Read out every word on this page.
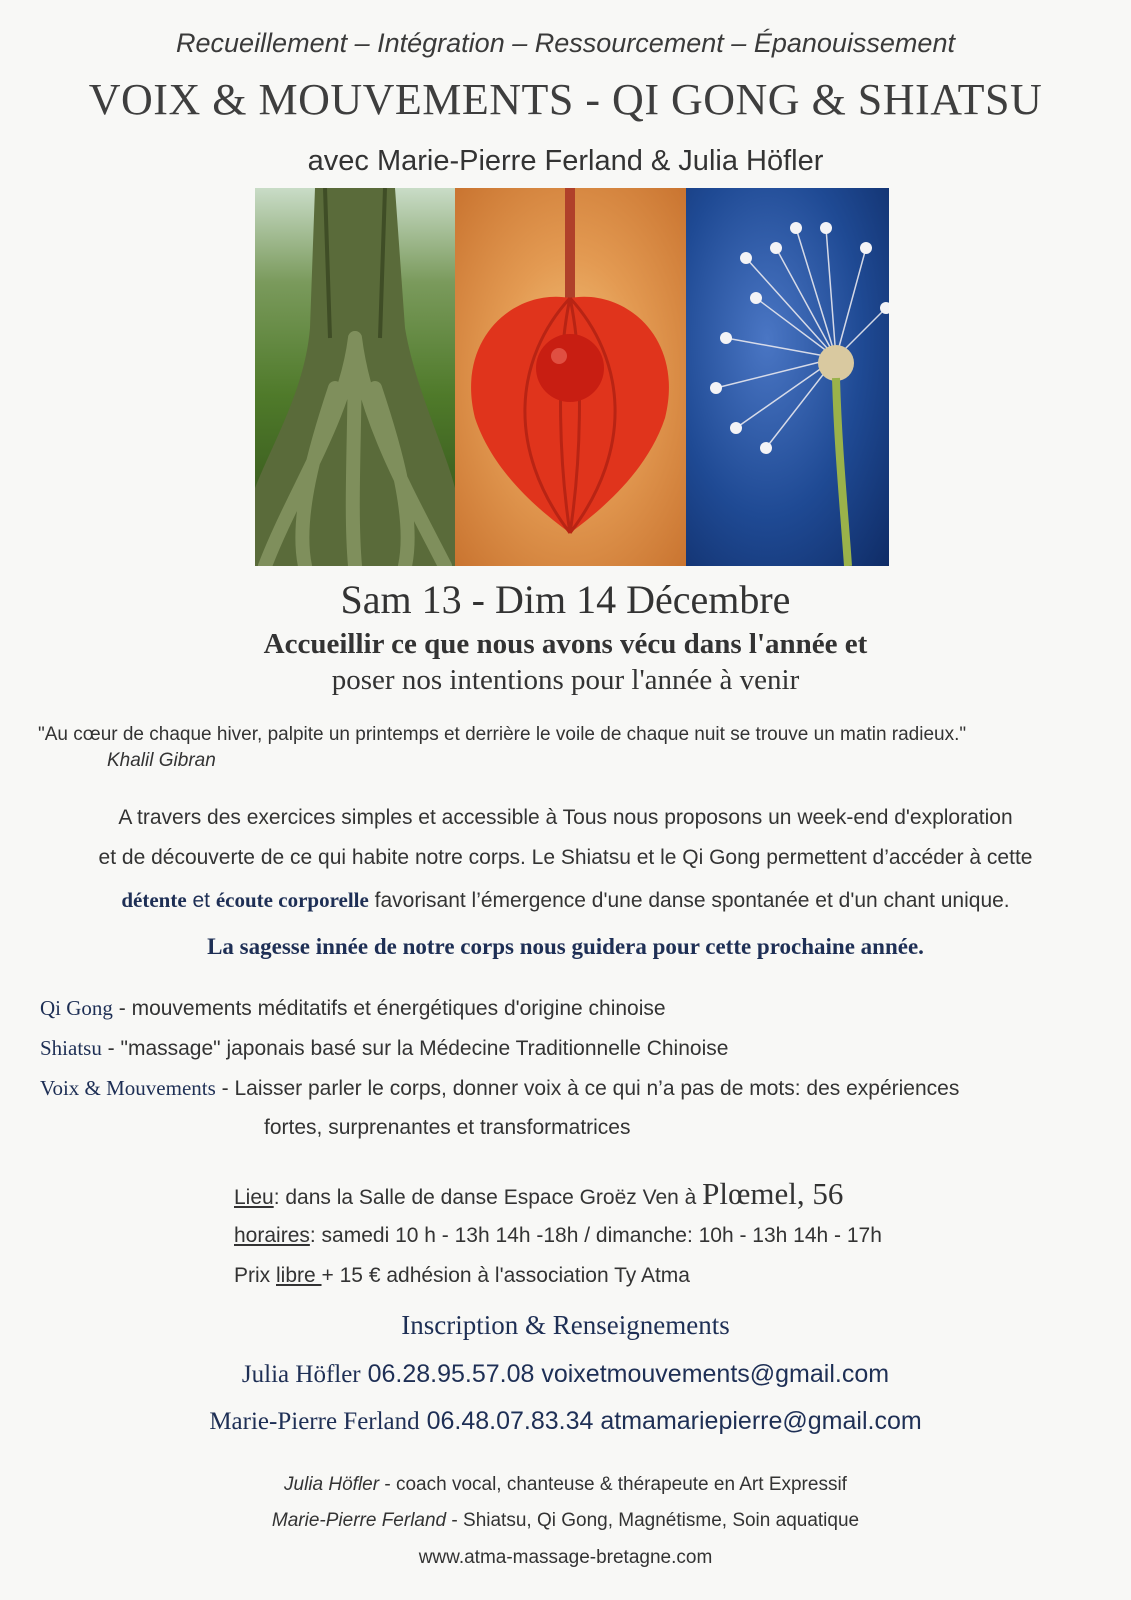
Recueillement – Intégration – Ressourcement – Épanouissement
VOIX & MOUVEMENTS - QI GONG & SHIATSU
avec Marie-Pierre Ferland & Julia Höfler
Sam 13 - Dim 14 Décembre
Accueillir ce que nous avons vécu dans l'année et
poser nos intentions pour l'année à venir
"Au cœur de chaque hiver, palpite un printemps et derrière le voile de chaque nuit se trouve un matin radieux."
Khalil Gibran
A travers des exercices simples et accessible à Tous nous proposons un week-end d'exploration
et de découverte de ce qui habite notre corps. Le Shiatsu et le Qi Gong permettent d’accéder à cette
détente et écoute corporelle favorisant l’émergence d'une danse spontanée et d'un chant unique.
La sagesse innée de notre corps nous guidera pour cette prochaine année.
Qi Gong - mouvements méditatifs et énergétiques d'origine chinoise
Shiatsu - "massage" japonais basé sur la Médecine Traditionnelle Chinoise
Voix & Mouvements - Laisser parler le corps, donner voix à ce qui n’a pas de mots: des expériences
fortes, surprenantes et transformatrices
Lieu: dans la Salle de danse Espace Groëz Ven à Plœmel, 56
horaires: samedi 10 h - 13h 14h -18h / dimanche: 10h - 13h 14h - 17h
Prix libre + 15 € adhésion à l'association Ty Atma
Inscription & Renseignements
Julia Höfler 06.28.95.57.08 voixetmouvements@gmail.com
Marie-Pierre Ferland 06.48.07.83.34 atmamariepierre@gmail.com
Julia Höfler - coach vocal, chanteuse & thérapeute en Art Expressif
Marie-Pierre Ferland - Shiatsu, Qi Gong, Magnétisme, Soin aquatique
www.atma-massage-bretagne.com
